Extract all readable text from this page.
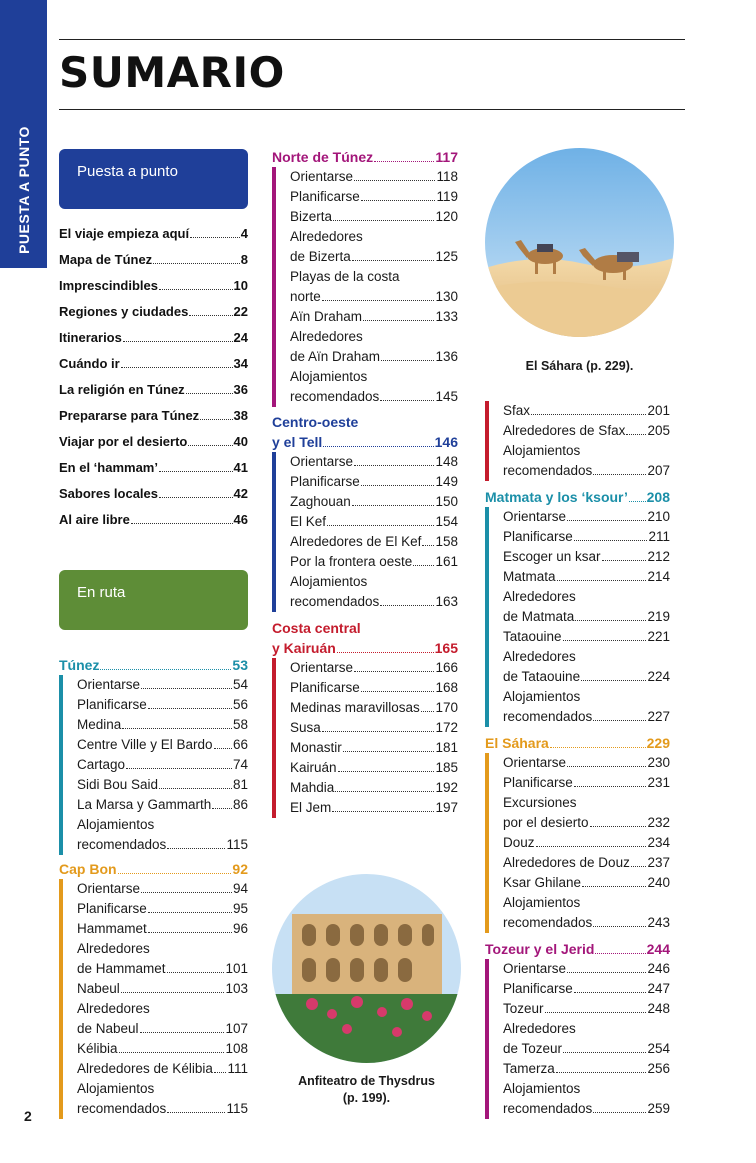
PUESTA A PUNTO
SUMARIO
Puesta a punto
El viaje empieza aquí	4
Mapa de Túnez	8
Imprescindibles	10
Regiones y ciudades	22
Itinerarios	24
Cuándo ir	34
La religión en Túnez	36
Prepararse para Túnez	38
Viajar por el desierto	40
En el ‘hammam’	41
Sabores locales	42
Al aire libre	46
En ruta
Túnez	53
Orientarse	54
Planificarse	56
Medina	58
Centre Ville y El Bardo 66
Cartago	74
Sidi Bou Said	81
La Marsa y Gammarth 86
Alojamientos
recomendados	115
Cap Bon	92
Orientarse	94
Planificarse	95
Hammamet	96
Alrededores
de Hammamet	101
Nabeul	103
Alrededores
de Nabeul	107
Kélibia	108
Alrededores de Kélibia 111
Alojamientos
recomendados	115
Norte de Túnez	117
Orientarse	118
Planificarse	119
Bizerta	120
Alrededores
de Bizerta	125
Playas de la costa
norte	130
Aïn Draham	133
Alrededores
de Aïn Draham	136
Alojamientos
recomendados	145
Centro-oeste
y el Tell	146
Orientarse	148
Planificarse	149
Zaghouan	150
El Kef	154
Alrededores de El Kef 158
Por la frontera oeste 161
Alojamientos
recomendados	163
Costa central
y Kairuán	165
Orientarse	166
Planificarse	168
Medinas maravillosas 170
Susa	172
Monastir	181
Kairuán	185
Mahdia	192
El Jem	197
Sfax	201
Alrededores de Sfax 205
Alojamientos
recomendados	207
Matmata y los ‘ksour’ 208
Orientarse	210
Planificarse	211
Escoger un ksar	212
Matmata	214
Alrededores
de Matmata	219
Tataouine	221
Alrededores
de Tataouine	224
Alojamientos
recomendados	227
El Sáhara	229
Orientarse	230
Planificarse	231
Excursiones
por el desierto	232
Douz	234
Alrededores de Douz 237
Ksar Ghilane	240
Alojamientos
recomendados	243
Tozeur y el Jerid	244
Orientarse	246
Planificarse	247
Tozeur	248
Alrededores
de Tozeur	254
Tamerza	256
Alojamientos
recomendados	259
El Sáhara (p. 229).
Anfiteatro de Thysdrus
(p. 199).
2
